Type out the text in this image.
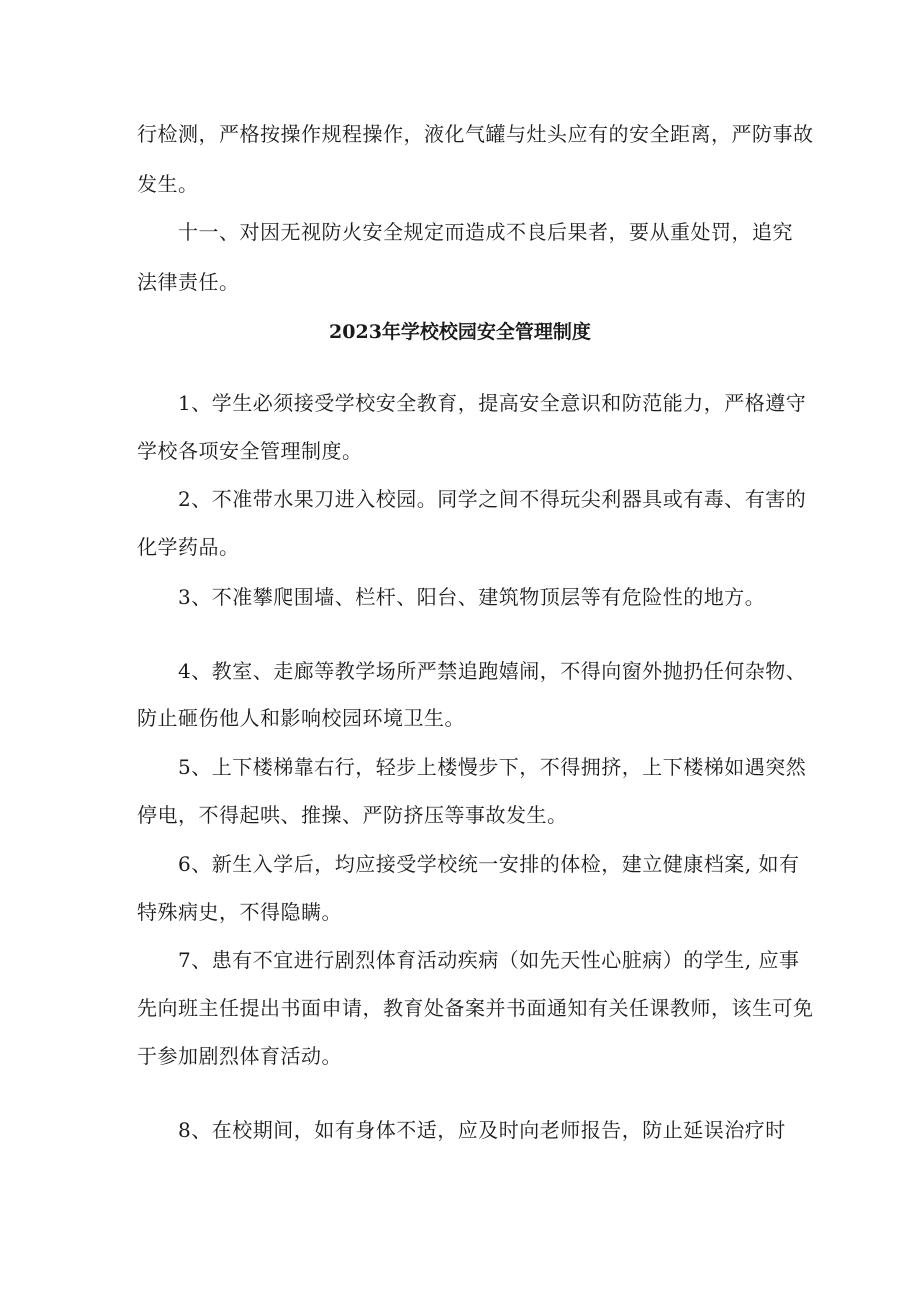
行检测，严格按操作规程操作，液化气罐与灶头应有的安全距离，严防事故
发生。
十一、对因无视防火安全规定而造成不良后果者，要从重处罚，追究
法律责任。
2023年学校校园安全管理制度
1、学生必须接受学校安全教育，提高安全意识和防范能力，严格遵守
学校各项安全管理制度。
2、不准带水果刀进入校园。同学之间不得玩尖利器具或有毒、有害的
化学药品。
3、不准攀爬围墙、栏杆、阳台、建筑物顶层等有危险性的地方。
4、教室、走廊等教学场所严禁追跑嬉闹，不得向窗外抛扔任何杂物、
防止砸伤他人和影响校园环境卫生。
5、上下楼梯靠右行，轻步上楼慢步下，不得拥挤，上下楼梯如遇突然
停电，不得起哄、推操、严防挤压等事故发生。
6、新生入学后，均应接受学校统一安排的体检，建立健康档案, 如有
特殊病史，不得隐瞒。
7、患有不宜进行剧烈体育活动疾病（如先天性心脏病）的学生, 应事
先向班主任提出书面申请，教育处备案并书面通知有关任课教师，该生可免
于参加剧烈体育活动。
8、在校期间，如有身体不适，应及时向老师报告，防止延误治疗时
